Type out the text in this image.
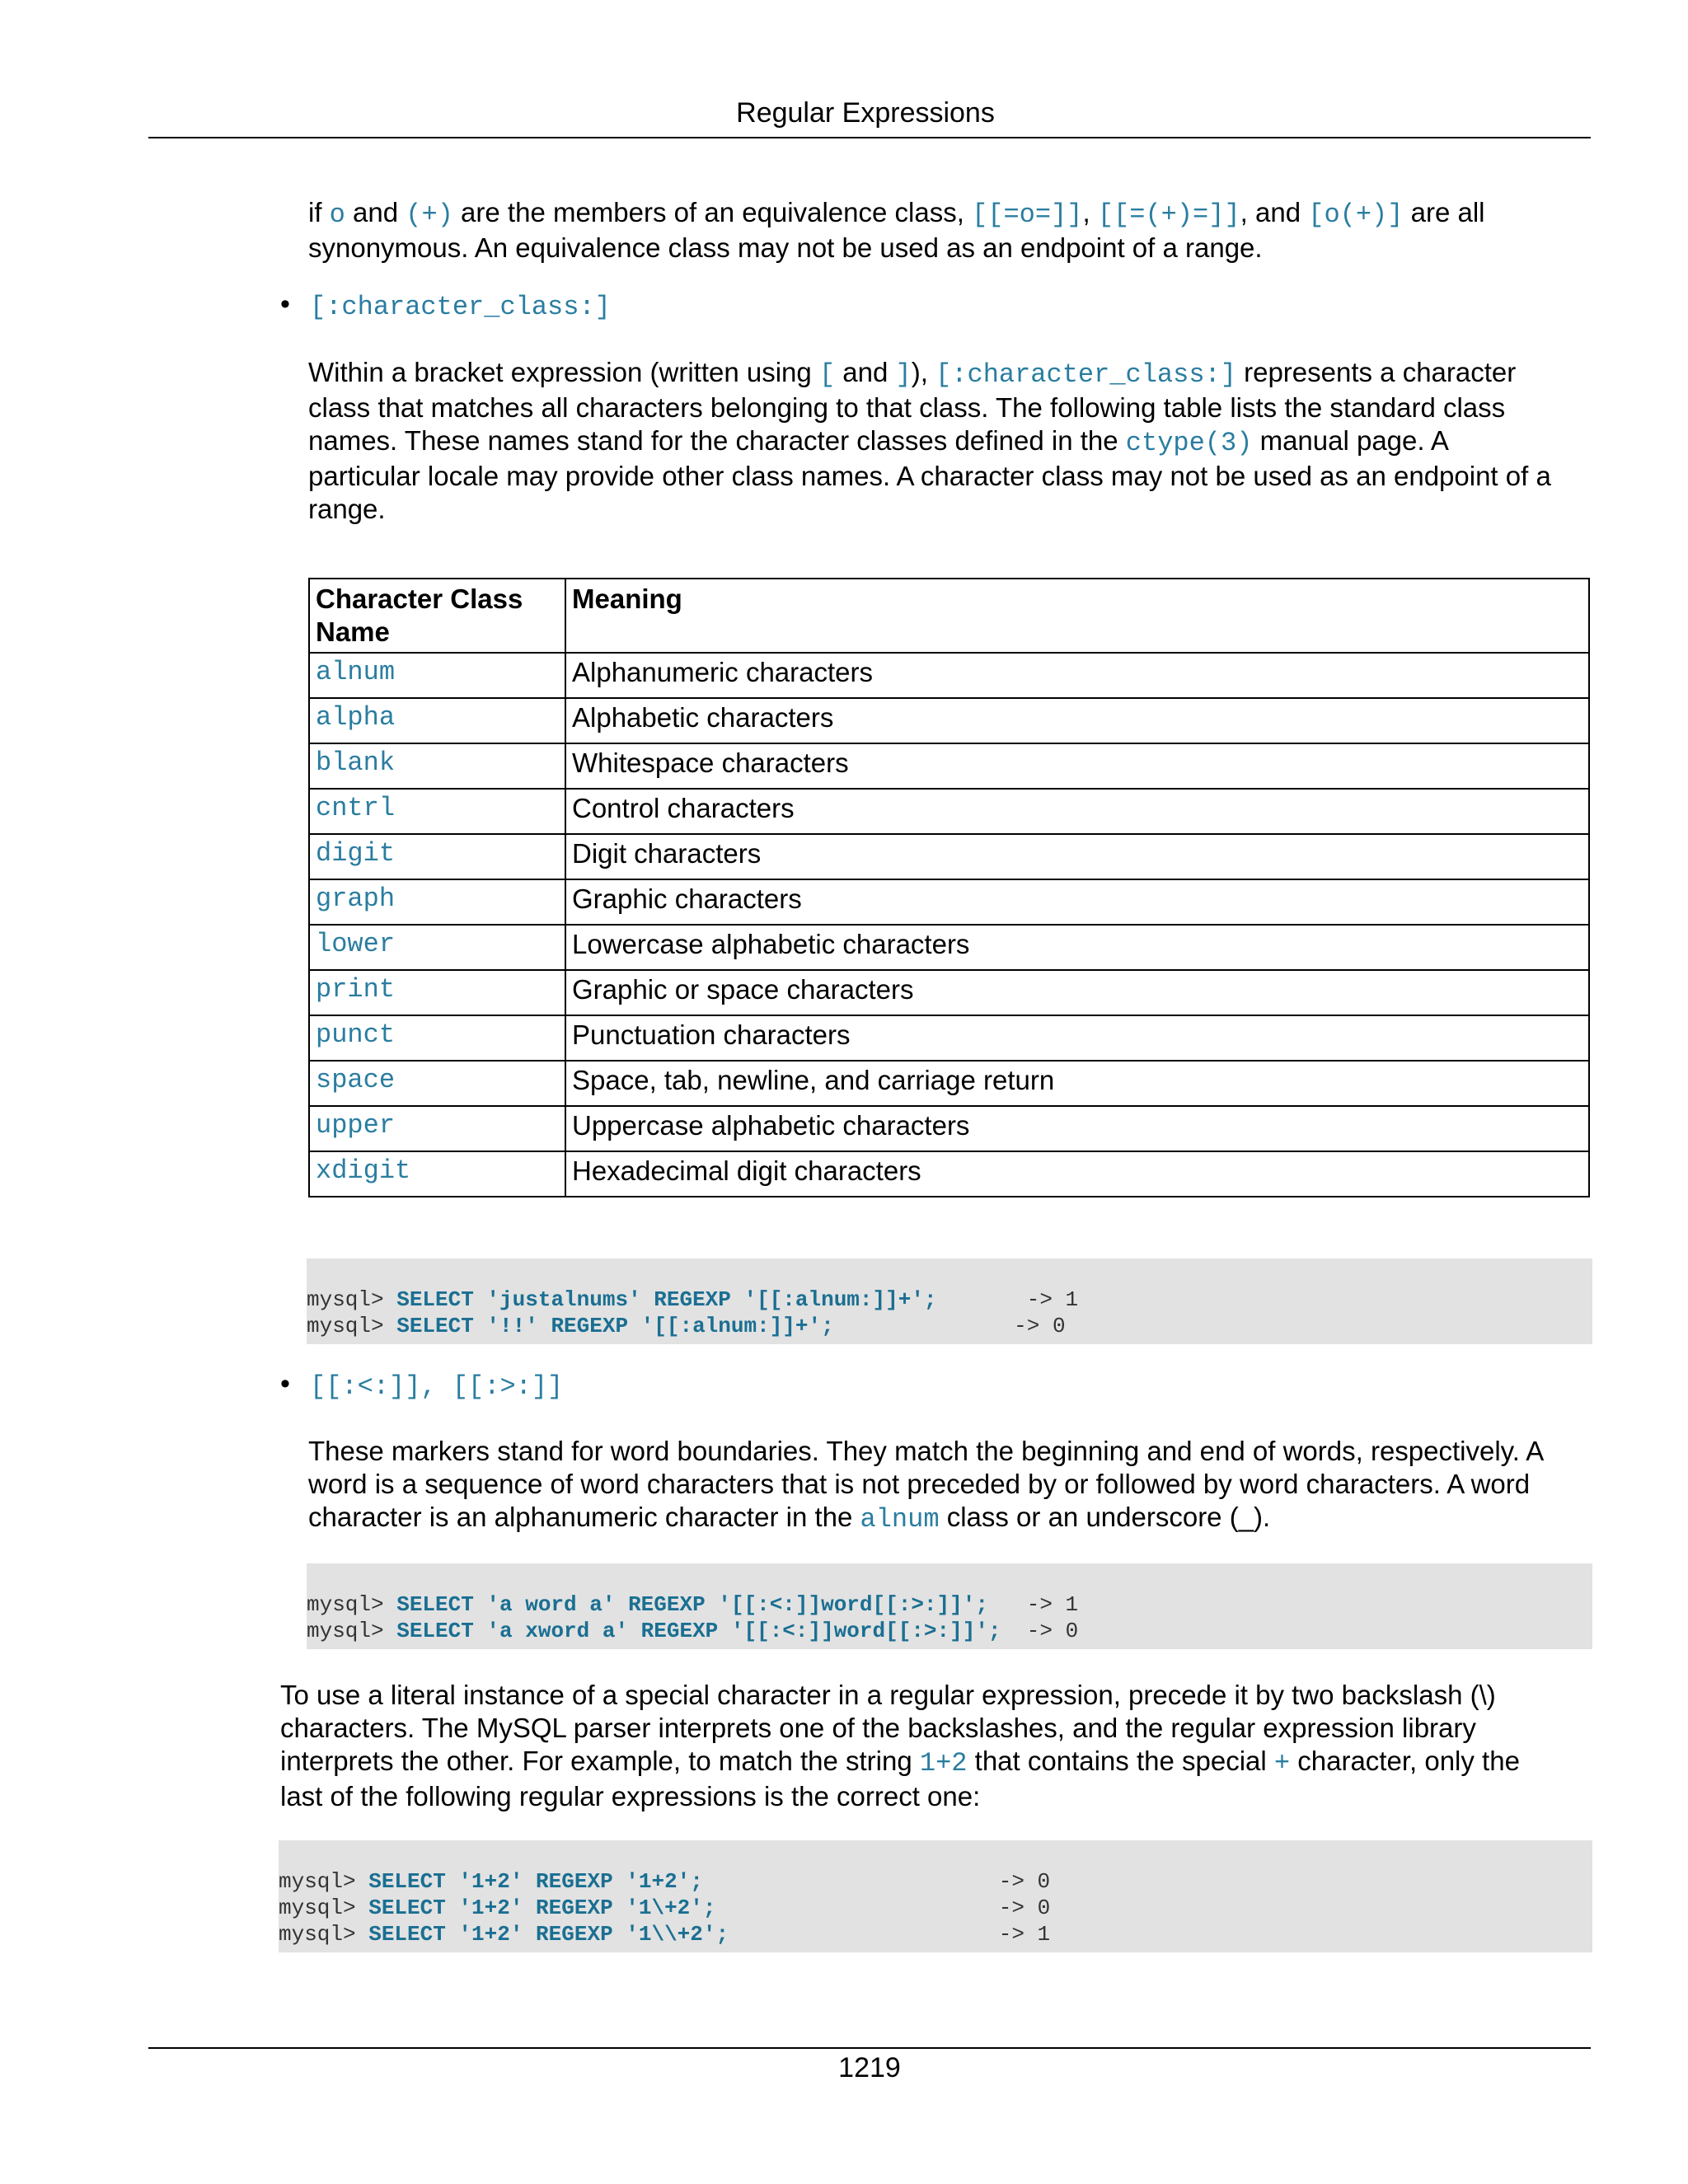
Regular Expressions
if o and (+) are the members of an equivalence class, [[=o=]], [[=(+)=]], and [o(+)] are all
synonymous. An equivalence class may not be used as an endpoint of a range.
• [:character_class:]
Within a bracket expression (written using [ and ]), [:character_class:] represents a character
class that matches all characters belonging to that class. The following table lists the standard class
names. These names stand for the character classes defined in the ctype(3) manual page. A
particular locale may provide other class names. A character class may not be used as an endpoint of a
range.
Character Class Name	Meaning
alnum	Alphanumeric characters
alpha	Alphabetic characters
blank	Whitespace characters
cntrl	Control characters
digit	Digit characters
graph	Graphic characters
lower	Lowercase alphabetic characters
print	Graphic or space characters
punct	Punctuation characters
space	Space, tab, newline, and carriage return
upper	Uppercase alphabetic characters
xdigit	Hexadecimal digit characters
mysql> SELECT 'justalnums' REGEXP '[[:alnum:]]+';	-> 1
mysql> SELECT '!!' REGEXP '[[:alnum:]]+';	-> 0
• [[:<:]], [[:>:]]
These markers stand for word boundaries. They match the beginning and end of words, respectively. A
word is a sequence of word characters that is not preceded by or followed by word characters. A word
character is an alphanumeric character in the alnum class or an underscore (_).
mysql> SELECT 'a word a' REGEXP '[[:<:]]word[[:>:]]'; -> 1
mysql> SELECT 'a xword a' REGEXP '[[:<:]]word[[:>:]]'; -> 0
To use a literal instance of a special character in a regular expression, precede it by two backslash (\)
characters. The MySQL parser interprets one of the backslashes, and the regular expression library
interprets the other. For example, to match the string 1+2 that contains the special + character, only the
last of the following regular expressions is the correct one:
mysql> SELECT '1+2' REGEXP '1+2';	-> 0
mysql> SELECT '1+2' REGEXP '1\+2';	-> 0
mysql> SELECT '1+2' REGEXP '1\\+2';	-> 1
1219
